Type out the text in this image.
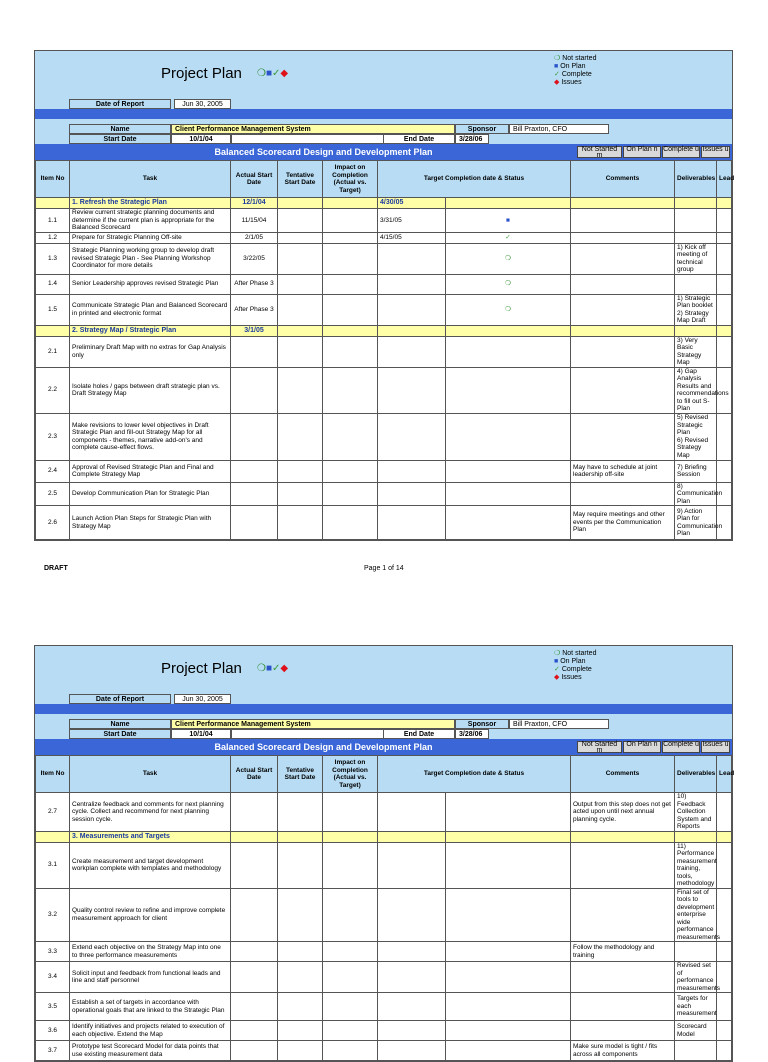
Project Plan ❍■✓◆
❍ Not started
■ On Plan
✓ Complete
◆ Issues
Date of Report	Jun 30, 2005
Name	Client Performance Management System	Sponsor	Bill Praxton, CFO
Start Date	10/1/04	End Date	3/28/06
Balanced Scorecard Design and Development Plan	Not Started m
On Plan n Complete ü Issues u
Item No	Task	Actual Start Date	Tentative Start Date	Impact on Completion (Actual vs. Target)	Target Completion date & Status		Comments	Deliverables	Lead
	1. Refresh the Strategic Plan	12/1/04			4/30/05				
1.1	Review current strategic planning documents and determine if the current plan is appropriate for the Balanced Scorecard	11/15/04			3/31/05	■			
1.2	Prepare for Strategic Planning Off-site	2/1/05			4/15/05	✓			
1.3	Strategic Planning working group to develop draft revised Strategic Plan - See Planning Workshop Coordinator for more details	3/22/05				❍		1) Kick off meeting of technical group	
1.4	Senior Leadership approves revised Strategic Plan	After Phase 3				❍			
1.5	Communicate Strategic Plan and Balanced Scorecard in printed and electronic format	After Phase 3				❍		1) Strategic Plan booklet
2) Strategy Map Draft	
	2. Strategy Map / Strategic Plan	3/1/05							
2.1	Preliminary Draft Map with no extras for Gap Analysis only							3) Very Basic Strategy Map	
2.2	Isolate holes / gaps between draft strategic plan vs. Draft Strategy Map							4) Gap Analysis Results and recommendations to fill out S-Plan	
2.3	Make revisions to lower level objectives in Draft Strategic Plan and fill-out Strategy Map for all components - themes, narrative add-on's and complete cause-effect flows.							5) Revised Strategic Plan
6) Revised Strategy Map	
2.4	Approval of Revised Strategic Plan and Final and Complete Strategy Map						May have to schedule at joint leadership off-site	7) Briefing Session	
2.5	Develop Communication Plan for Strategic Plan							8) Communication Plan	
2.6	Launch Action Plan Steps for Strategic Plan with Strategy Map						May require meetings and other events per the Communication Plan	9) Action Plan for Communication Plan	
DRAFT	Page 1 of 14
Project Plan ❍■✓◆
❍ Not started
■ On Plan
✓ Complete
◆ Issues
Date of Report	Jun 30, 2005
Name	Client Performance Management System	Sponsor	Bill Praxton, CFO
Start Date	10/1/04	End Date	3/28/06
Balanced Scorecard Design and Development Plan	Not Started m
On Plan n Complete ü Issues u
Item No	Task	Actual Start Date	Tentative Start Date	Impact on Completion (Actual vs. Target)	Target Completion date & Status		Comments	Deliverables	Lead
2.7	Centralize feedback and comments for next planning cycle. Collect and recommend for next planning session cycle.						Output from this step does not get acted upon until next annual planning cycle.	10) Feedback Collection System and Reports	
	3. Measurements and Targets								
3.1	Create measurement and target development workplan complete with templates and methodology							11) Performance measurement training, tools, methodology	
3.2	Quality control review to refine and improve complete measurement approach for client							Final set of tools to development enterprise wide performance measurements	
3.3	Extend each objective on the Strategy Map into one to three performance measurements						Follow the methodology and training		
3.4	Solicit input and feedback from functional leads and line and staff personnel							Revised set of performance measurements	
3.5	Establish a set of targets in accordance with operational goals that are linked to the Strategic Plan							Targets for each measurement	
3.6	Identify initiatives and projects related to execution of each objective. Extend the Map							Scorecard Model	
3.7	Prototype test Scorecard Model for data points that use existing measurement data						Make sure model is tight / fits across all components		
